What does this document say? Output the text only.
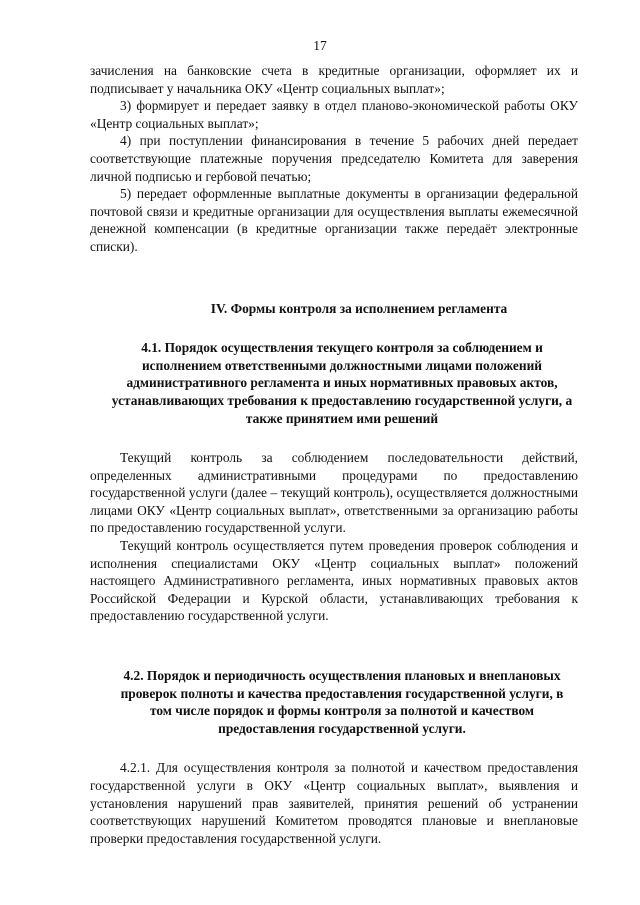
17

зачисления на банковские счета в кредитные организации, оформляет их и подписывает у начальника ОКУ «Центр социальных выплат»;

3) формирует и передает заявку в отдел планово-экономической работы ОКУ «Центр социальных выплат»;

4) при поступлении финансирования в течение 5 рабочих дней передает соответствующие платежные поручения председателю Комитета для заверения личной подписью и гербовой печатью;

5) передает оформленные выплатные документы в организации федеральной почтовой связи и кредитные организации для осуществления выплаты ежемесячной денежной компенсации (в кредитные организации также передаёт электронные списки).

IV. Формы контроля за исполнением регламента
4.1. Порядок осуществления текущего контроля за соблюдением и исполнением ответственными должностными лицами положений административного регламента и иных нормативных правовых актов, устанавливающих требования к предоставлению государственной услуги, а также принятием ими решений

Текущий контроль за соблюдением последовательности действий, определенных административными процедурами по предоставлению государственной услуги (далее – текущий контроль), осуществляется должностными лицами ОКУ «Центр социальных выплат», ответственными за организацию работы по предоставлению государственной услуги.

Текущий контроль осуществляется путем проведения проверок соблюдения и исполнения специалистами ОКУ «Центр социальных выплат» положений настоящего Административного регламента, иных нормативных правовых актов Российской Федерации и Курской области, устанавливающих требования к предоставлению государственной услуги.

4.2. Порядок и периодичность осуществления плановых и внеплановых проверок полноты и качества предоставления государственной услуги, в том числе порядок и формы контроля за полнотой и качеством предоставления государственной услуги.

4.2.1. Для осуществления контроля за полнотой и качеством предоставления государственной услуги в ОКУ «Центр социальных выплат», выявления и установления нарушений прав заявителей, принятия решений об устранении соответствующих нарушений Комитетом проводятся плановые и внеплановые проверки предоставления государственной услуги.
